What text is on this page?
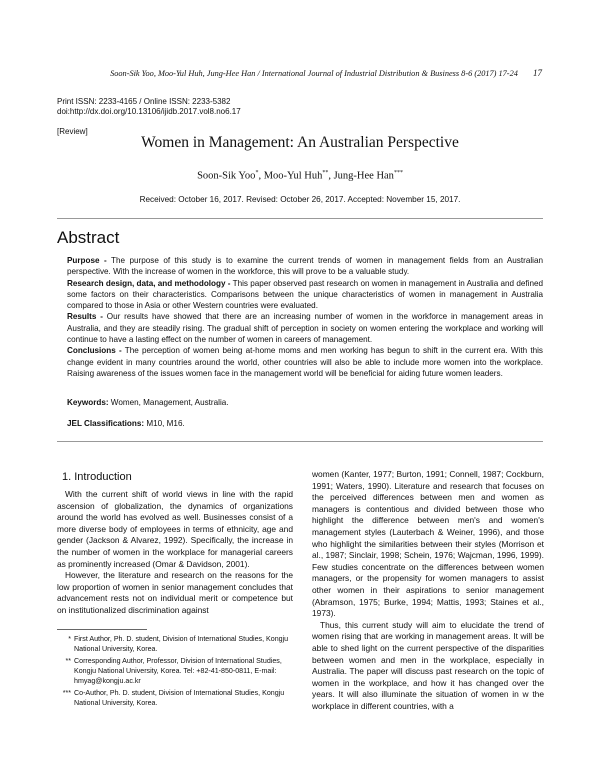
Soon-Sik Yoo, Moo-Yul Huh, Jung-Hee Han / International Journal of Industrial Distribution & Business 8-6 (2017) 17-24	17
Print ISSN: 2233-4165 / Online ISSN: 2233-5382
doi:http://dx.doi.org/10.13106/ijidb.2017.vol8.no6.17
[Review]
Women in Management: An Australian Perspective
Soon-Sik Yoo*, Moo-Yul Huh**, Jung-Hee Han***
Received: October 16, 2017. Revised: October 26, 2017. Accepted: November 15, 2017.
Abstract

Purpose - The purpose of this study is to examine the current trends of women in management fields from an Australian perspective. With the increase of women in the workforce, this will prove to be a valuable study.

Research design, data, and methodology - This paper observed past research on women in management in Australia and defined some factors on their characteristics. Comparisons between the unique characteristics of women in management in Australia compared to those in Asia or other Western countries were evaluated.

Results - Our results have showed that there are an increasing number of women in the workforce in management areas in Australia, and they are steadily rising. The gradual shift of perception in society on women entering the workplace and working will continue to have a lasting effect on the number of women in careers of management.

Conclusions - The perception of women being at-home moms and men working has begun to shift in the current era. With this change evident in many countries around the world, other countries will also be able to include more women into the workplace. Raising awareness of the issues women face in the management world will be beneficial for aiding future women leaders.

Keywords: Women, Management, Australia.
JEL Classifications: M10, M16.
1. Introduction

With the current shift of world views in line with the rapid ascension of globalization, the dynamics of organizations around the world has evolved as well. Businesses consist of a more diverse body of employees in terms of ethnicity, age and gender (Jackson & Alvarez, 1992). Specifically, the increase in the number of women in the workplace for managerial careers as prominently increased (Omar & Davidson, 2001).

However, the literature and research on the reasons for the low proportion of women in senior management concludes that advancement rests not on individual merit or competence but on institutionalized discrimination against

* First Author, Ph. D. student, Division of International Studies, Kongju National University, Korea.
** Corresponding Author, Professor, Division of International Studies, Kongju National University, Korea. Tel: +82-41-850-0811, E-mail: hmyag@kongju.ac.kr
*** Co-Author, Ph. D. student, Division of International Studies, Kongju National University, Korea.

women (Kanter, 1977; Burton, 1991; Connell, 1987; Cockburn, 1991; Waters, 1990). Literature and research that focuses on the perceived differences between men and women as managers is contentious and divided between those who highlight the difference between men's and women's management styles (Lauterbach & Weiner, 1996), and those who highlight the similarities between their styles (Morrison et al., 1987; Sinclair, 1998; Schein, 1976; Wajcman, 1996, 1999). Few studies concentrate on the differences between women managers, or the propensity for women managers to assist other women in their aspirations to senior management (Abramson, 1975; Burke, 1994; Mattis, 1993; Staines et al., 1973).

Thus, this current study will aim to elucidate the trend of women rising that are working in management areas. It will be able to shed light on the current perspective of the disparities between women and men in the workplace, especially in Australia. The paper will discuss past research on the topic of women in the workplace, and how it has changed over the years. It will also illuminate the situation of women in w the workplace in different countries, with a
